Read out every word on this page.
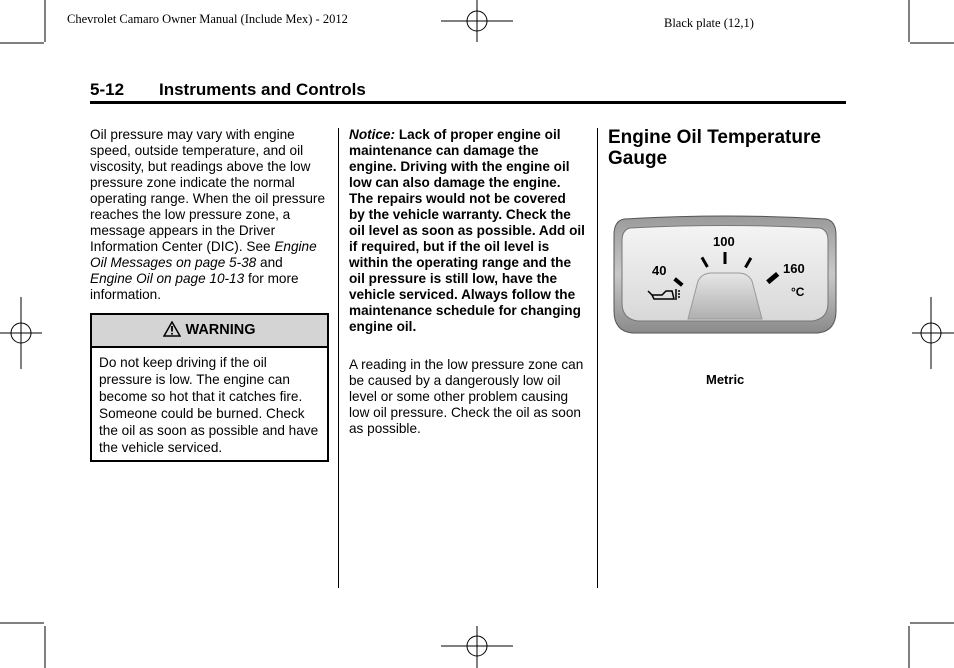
Chevrolet Camaro Owner Manual (Include Mex) - 2012	Black plate (12,1)
5-12 Instruments and Controls
Oil pressure may vary with engine speed, outside temperature, and oil viscosity, but readings above the low pressure zone indicate the normal operating range. When the oil pressure reaches the low pressure zone, a message appears in the Driver Information Center (DIC). See Engine Oil Messages on page 5-38 and Engine Oil on page 10-13 for more information.
WARNING
Do not keep driving if the oil pressure is low. The engine can become so hot that it catches fire. Someone could be burned. Check the oil as soon as possible and have the vehicle serviced.
Notice: Lack of proper engine oil maintenance can damage the engine. Driving with the engine oil low can also damage the engine. The repairs would not be covered by the vehicle warranty. Check the oil level as soon as possible. Add oil if required, but if the oil level is within the operating range and the oil pressure is still low, have the vehicle serviced. Always follow the maintenance schedule for changing engine oil.
A reading in the low pressure zone can be caused by a dangerously low oil level or some other problem causing low oil pressure. Check the oil as soon as possible.
Engine Oil Temperature Gauge
40
100
160
°C
Metric
